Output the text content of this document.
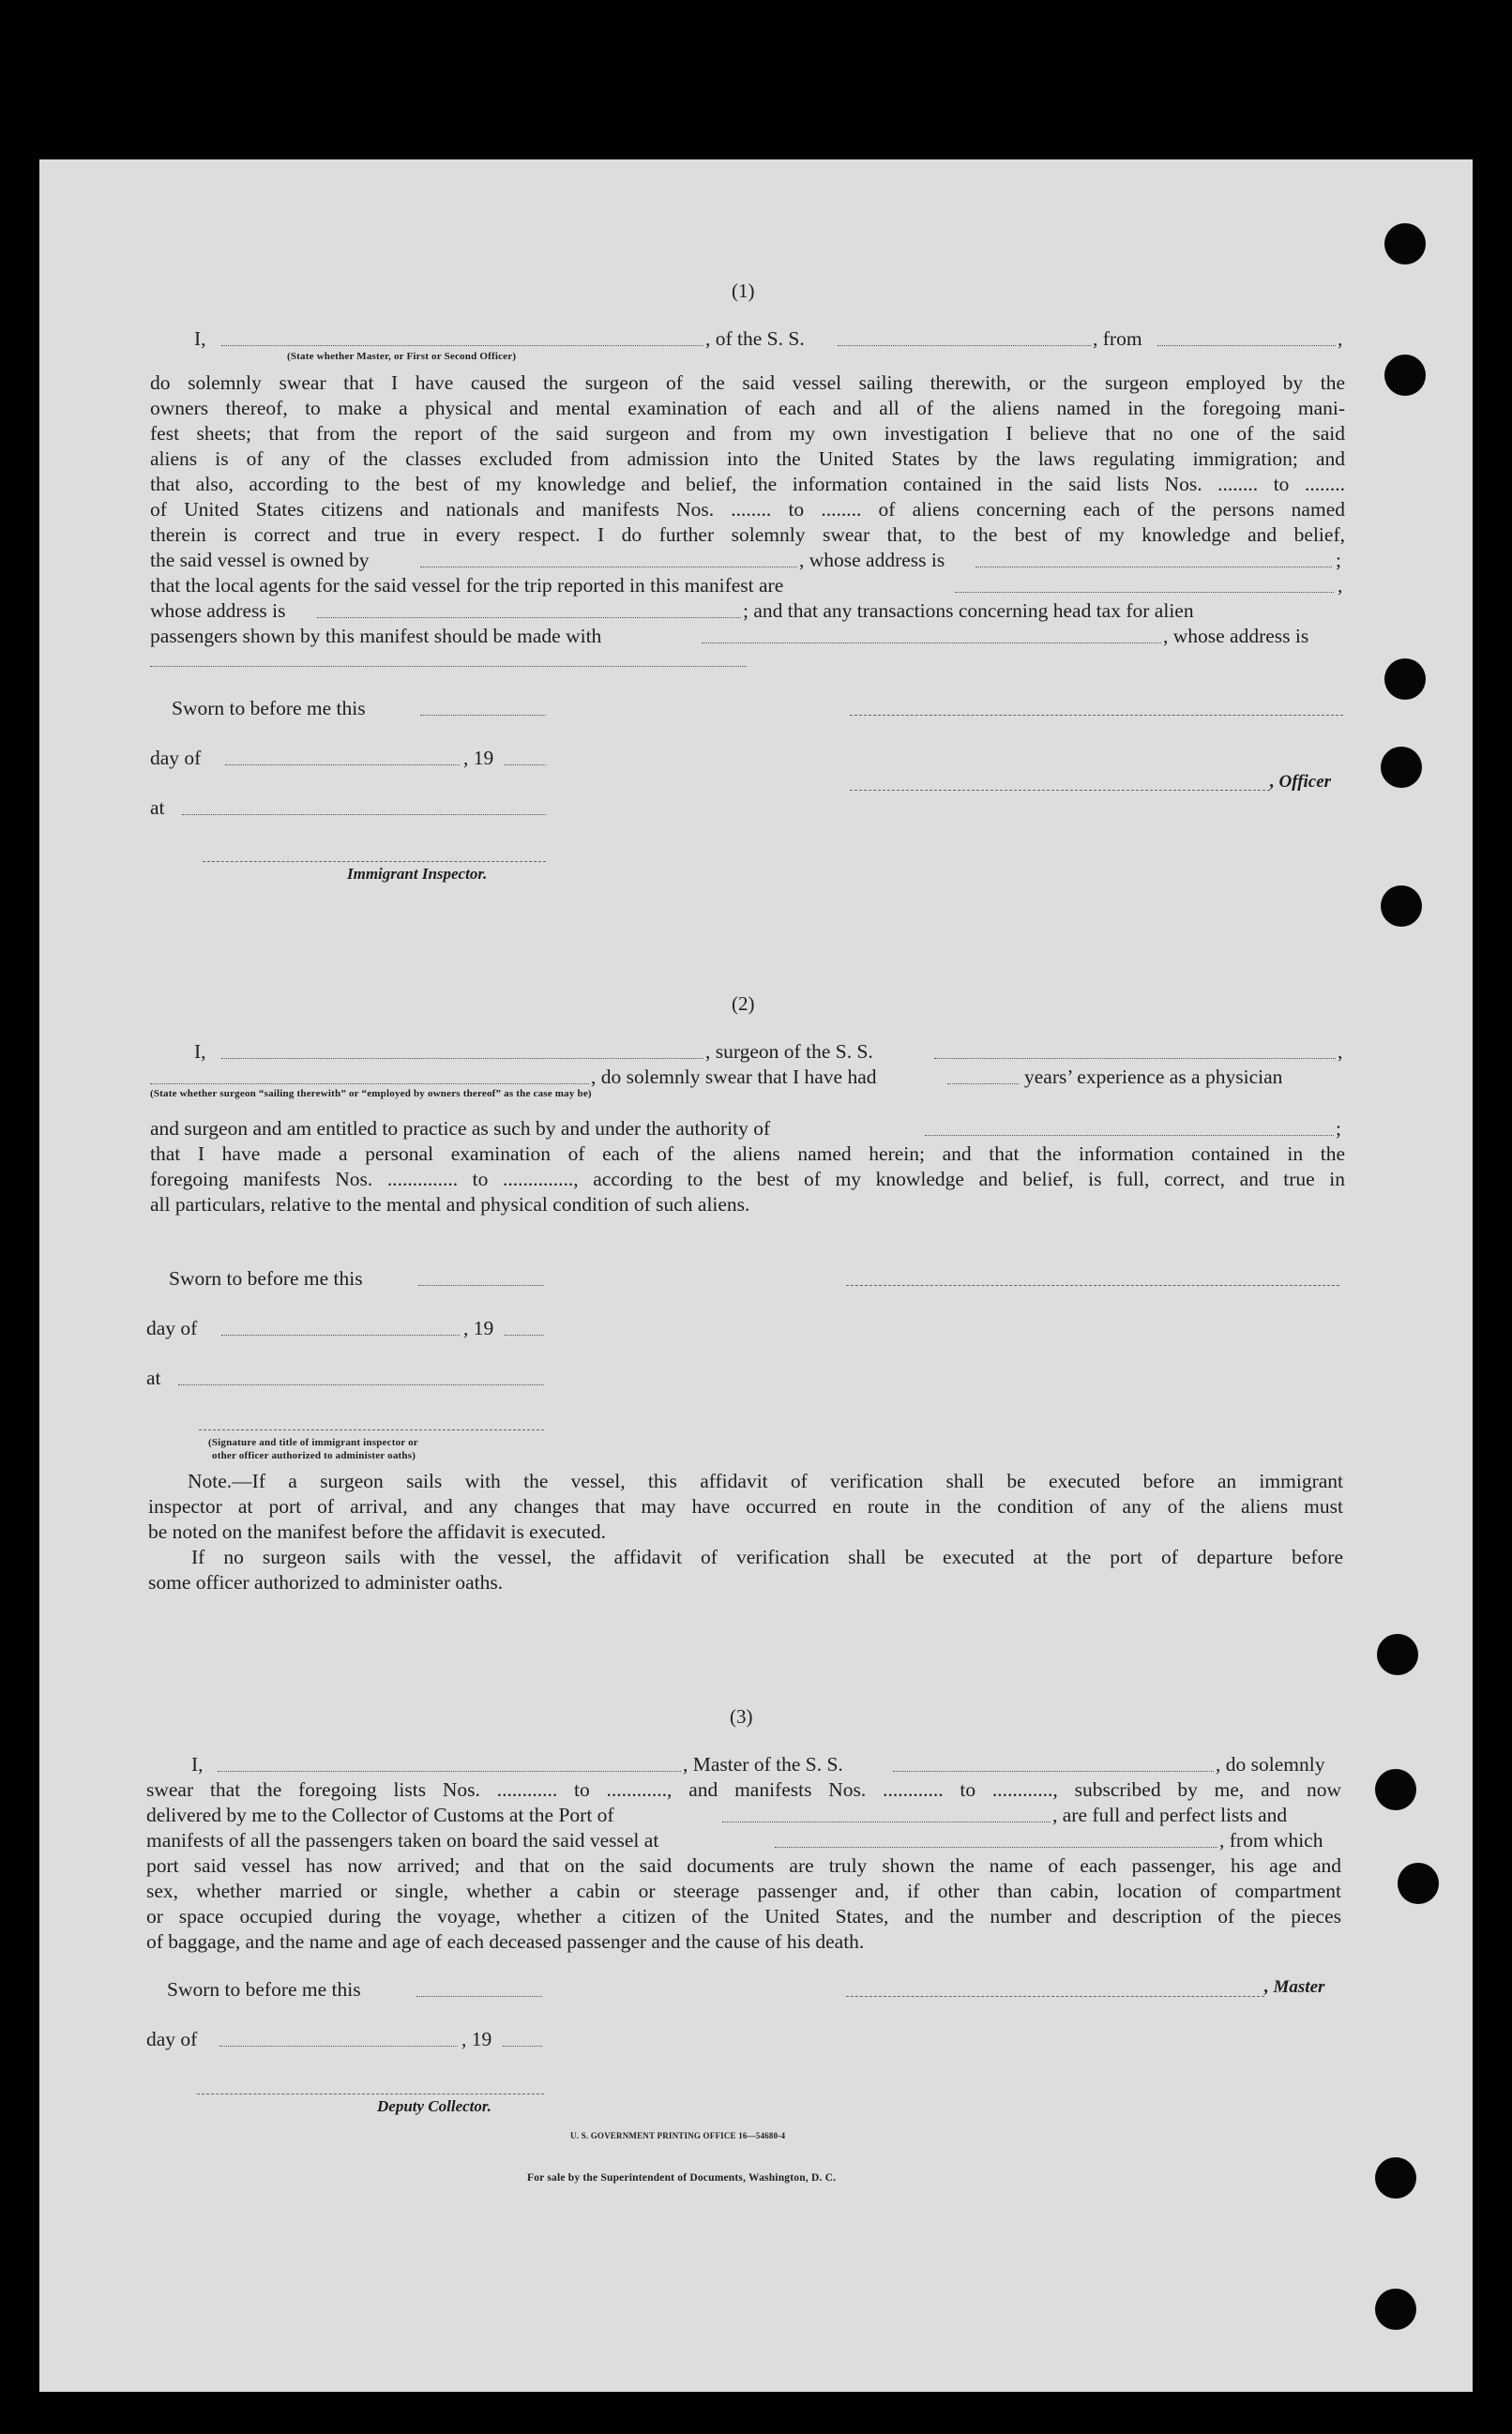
(1)
I,	, of the S. S.	, from	,
(State whether Master, or First or Second Officer)
do solemnly swear that I have caused the surgeon of the said vessel sailing therewith, or the surgeon employed by the
owners thereof, to make a physical and mental examination of each and all of the aliens named in the foregoing mani-
fest sheets; that from the report of the said surgeon and from my own investigation I believe that no one of the said
aliens is of any of the classes excluded from admission into the United States by the laws regulating immigration; and
that also, according to the best of my knowledge and belief, the information contained in the said lists Nos. ........ to ........
of United States citizens and nationals and manifests Nos. ........ to ........ of aliens concerning each of the persons named
therein is correct and true in every respect. I do further solemnly swear that, to the best of my knowledge and belief,
the said vessel is owned by	, whose address is	;
that the local agents for the said vessel for the trip reported in this manifest are	,
whose address is	; and that any transactions concerning head tax for alien
passengers shown by this manifest should be made with	, whose address is
Sworn to before me this
day of	, 19
, Officer
at
Immigrant Inspector.
(2)
I,	, surgeon of the S. S.	,
, do solemnly swear that I have had	years’ experience as a physician
(State whether surgeon “sailing therewith” or “employed by owners thereof” as the case may be)
and surgeon and am entitled to practice as such by and under the authority of	;
that I have made a personal examination of each of the aliens named herein; and that the information contained in the
foregoing manifests Nos. .............. to .............., according to the best of my knowledge and belief, is full, correct, and true in
all particulars, relative to the mental and physical condition of such aliens.
Sworn to before me this
day of	, 19
at
(Signature and title of immigrant inspector or
other officer authorized to administer oaths)
Note.—If a surgeon sails with the vessel, this affidavit of verification shall be executed before an immigrant
inspector at port of arrival, and any changes that may have occurred en route in the condition of any of the aliens must
be noted on the manifest before the affidavit is executed.
If no surgeon sails with the vessel, the affidavit of verification shall be executed at the port of departure before
some officer authorized to administer oaths.
(3)
I,	, Master of the S. S.	, do solemnly
swear that the foregoing lists Nos. ............ to ............, and manifests Nos. ............ to ............, subscribed by me, and now
delivered by me to the Collector of Customs at the Port of	, are full and perfect lists and
manifests of all the passengers taken on board the said vessel at	, from which
port said vessel has now arrived; and that on the said documents are truly shown the name of each passenger, his age and
sex, whether married or single, whether a cabin or steerage passenger and, if other than cabin, location of compartment
or space occupied during the voyage, whether a citizen of the United States, and the number and description of the pieces
of baggage, and the name and age of each deceased passenger and the cause of his death.
Sworn to before me this	, Master
day of	, 19
Deputy Collector.
U. S. GOVERNMENT PRINTING OFFICE 16—54680-4
For sale by the Superintendent of Documents, Washington, D. C.
